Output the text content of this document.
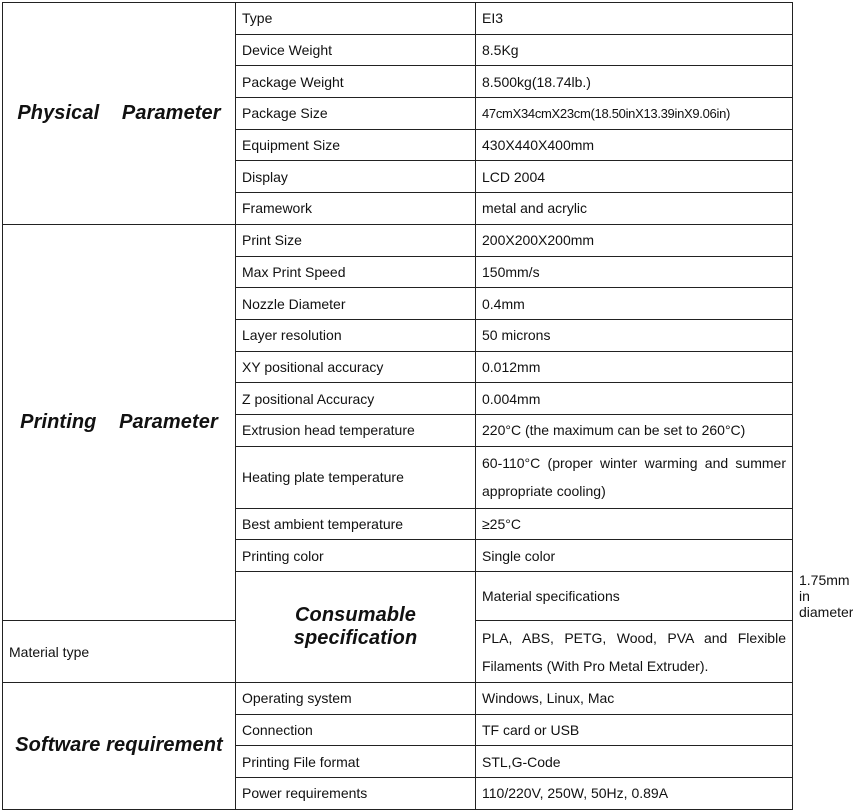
Physical    Parameter	Type	EI3	
	Device Weight	8.5Kg	
	Package Weight	8.500kg(18.74lb.)	
	Package Size	47cmX34cmX23cm(18.50inX13.39inX9.06in)	
	Equipment Size	430X440X400mm	
	Display	LCD 2004	
	Framework	metal and acrylic	
Printing    Parameter	Print Size	200X200X200mm	
	Max Print Speed	150mm/s	
	Nozzle Diameter	0.4mm	
	Layer resolution	50 microns	
	XY positional accuracy	0.012mm	
	Z positional Accuracy	0.004mm	
	Extrusion head temperature	220°C (the maximum can be set to 260°C)	
	Heating plate temperature	60-110°C (proper winter warming and summer appropriate cooling)	
	Best ambient temperature	≥25°C	
	Printing color	Single color	
	Consumable specification	Material specifications	1.75mm in diameter
Material type		PLA, ABS, PETG, Wood, PVA and Flexible Filaments (With Pro Metal Extruder).	
Software requirement	Operating system	Windows, Linux, Mac	
	Connection	TF card or USB	
	Printing File format	STL,G-Code	
	Power requirements	110/220V, 250W, 50Hz, 0.89A	
